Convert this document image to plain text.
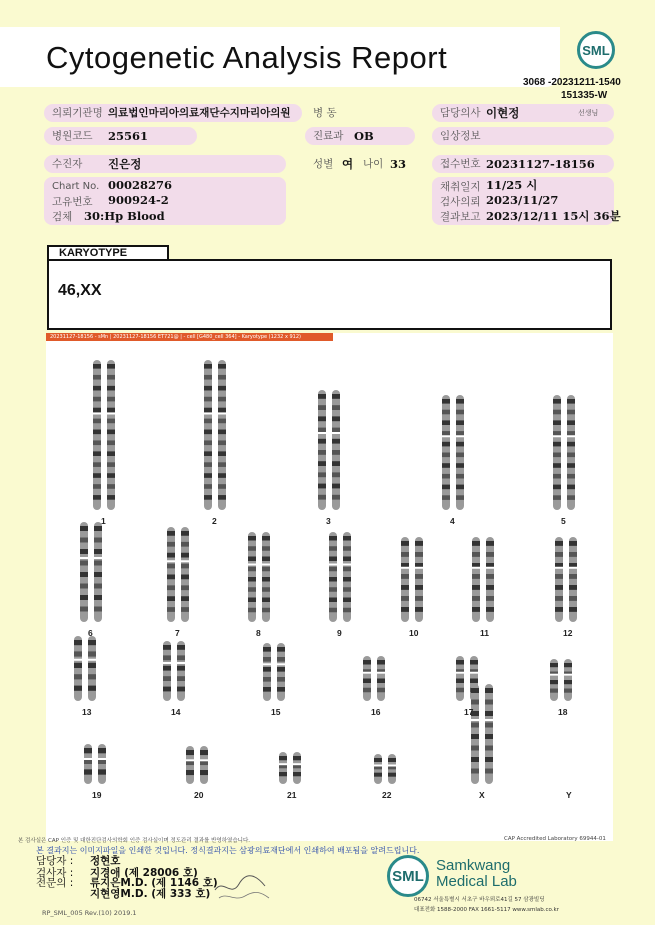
Cytogenetic Analysis Report	SML
3068 -20231211-1540
151335-W
의뢰기관명 의료법인마리아의료재단수지마리아의원	병 동	담당의사 이현정	선생님
병원코드	25561	진료과 OB	임상정보
수진자	진은정	성별 여 나이 33	접수번호 20231127-18156
Chart No. 00028276
고유번호	900924-2
검체	30:Hp Blood
채취일지 11/25 시
검사의뢰 2023/11/27
결과보고 2023/12/11 15시 36분
KARYOTYPE
46,XX
20231127-18156 - sMn | 20231127-18156 ET721@ | - cell [G480_cell 364] - Karyotype (1232 x 912)
1	2	3	4	5
6	7	8	9	10	11	12
13	14	15	16	17	18
19	20	21	22	X	Y
본 검사실은 CAP 인증 및 대한진단검사의학회 인증 검사실이며 정도관리 결과를 반영하였습니다.	CAP Accredited Laboratory 69944-01
본 결과지는 이미지파일을 인쇄한 것입니다. 정식결과지는 삼광의료재단에서 인쇄하여 배포됨을 알려드립니다.
담당자 : 정현호
검사자 : 지경애 (제 28006 호)
전문의 : 류지은M.D. (제 1146 호)
지현영M.D. (제 333 호)
RP_SML_005 Rev.(10) 2019.1
SML
Samkwang
Medical Lab
06742 서울특별시 서초구 바우뫼로41길 57 삼광빌딩
대표전화 1588-2000 FAX 1661-5117 www.smlab.co.kr
